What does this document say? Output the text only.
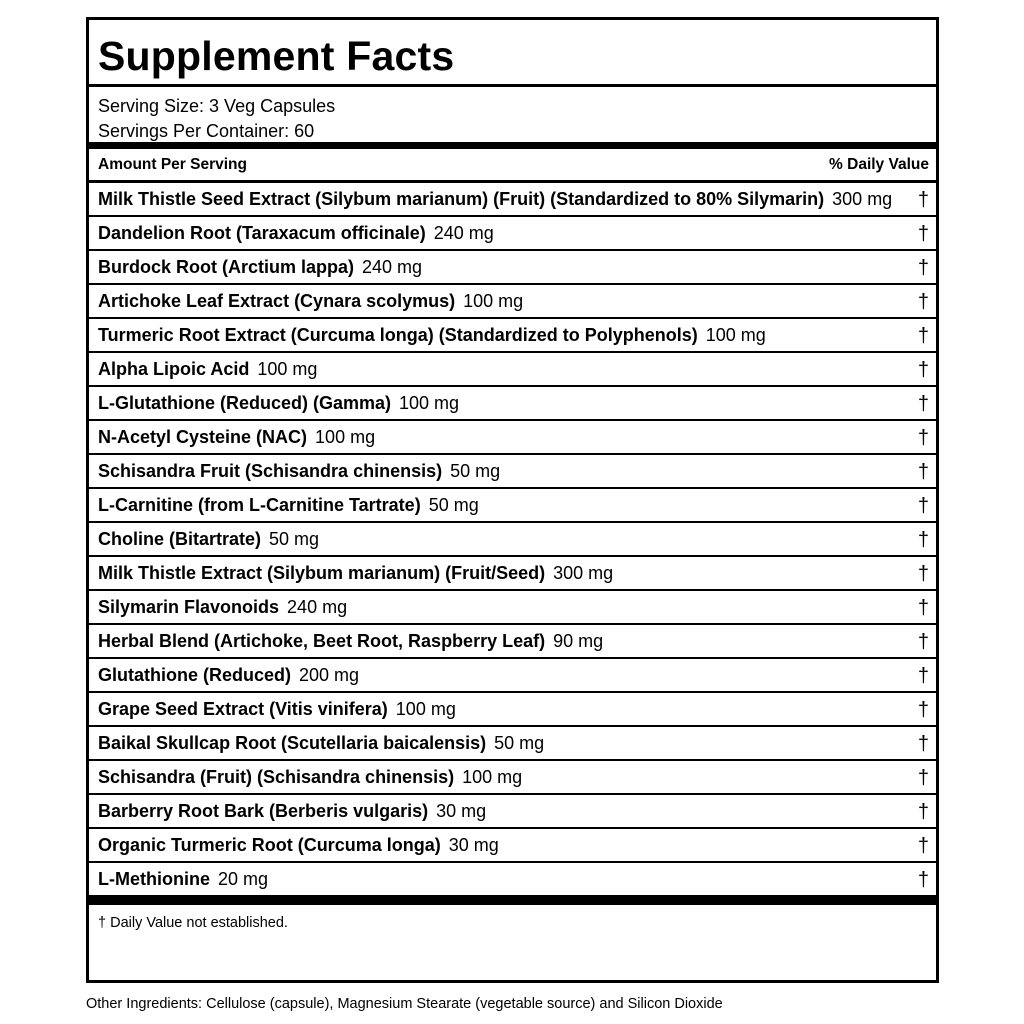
Supplement Facts
Serving Size: 3 Veg Capsules
Servings Per Container: 60
Amount Per Serving	% Daily Value
Milk Thistle Seed Extract (Silybum marianum) (Fruit) (Standardized to 80% Silymarin) 300 mg †
Dandelion Root (Taraxacum officinale) 240 mg	†
Burdock Root (Arctium lappa) 240 mg	†
Artichoke Leaf Extract (Cynara scolymus) 100 mg	†
Turmeric Root Extract (Curcuma longa) (Standardized to Polyphenols) 100 mg	†
Alpha Lipoic Acid 100 mg	†
L-Glutathione (Reduced) (Gamma) 100 mg	†
N-Acetyl Cysteine (NAC) 100 mg	†
Schisandra Fruit (Schisandra chinensis) 50 mg	†
L-Carnitine (from L-Carnitine Tartrate) 50 mg	†
Choline (Bitartrate) 50 mg	†
Milk Thistle Extract (Silybum marianum) (Fruit/Seed) 300 mg	†
Silymarin Flavonoids 240 mg	†
Herbal Blend (Artichoke, Beet Root, Raspberry Leaf) 90 mg	†
Glutathione (Reduced) 200 mg	†
Grape Seed Extract (Vitis vinifera) 100 mg	†
Baikal Skullcap Root (Scutellaria baicalensis) 50 mg	†
Schisandra (Fruit) (Schisandra chinensis) 100 mg	†
Barberry Root Bark (Berberis vulgaris) 30 mg	†
Organic Turmeric Root (Curcuma longa) 30 mg	†
L-Methionine 20 mg	†
† Daily Value not established.
Other Ingredients: Cellulose (capsule), Magnesium Stearate (vegetable source) and Silicon Dioxide
